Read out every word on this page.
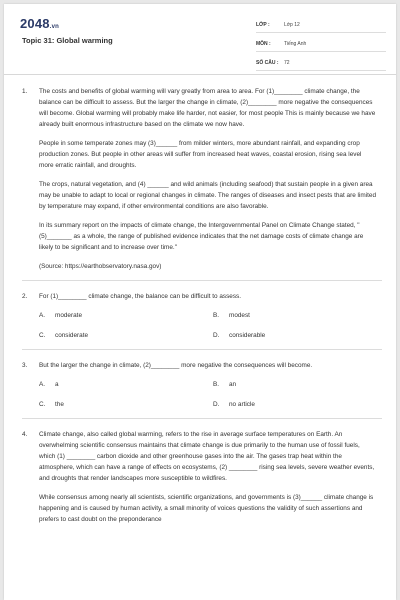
2048.vn
Topic 31: Global warming
LỚP :	Lớp 12
MÔN :	Tiếng Anh
SỐ CÂU :	72
1.	The costs and benefits of global warming will vary greatly from area to area. For (1)________ climate change, the balance can be difficult to assess. But the larger the change in climate, (2)________ more negative the consequences will become. Global warming will probably make life harder, not easier, for most people This is mainly because we have already built enormous infrastructure based on the climate we now have.

People in some temperate zones may (3)______ from milder winters, more abundant rainfall, and expanding crop production zones. But people in other areas will suffer from increased heat waves, coastal erosion, rising sea level more erratic rainfall, and droughts.

The crops, natural vegetation, and (4) ______ and wild animals (including seafood) that sustain people in a given area may be unable to adapt to local or regional changes in climate. The ranges of diseases and insect pests that are limited by temperature may expand, if other environmental conditions are also favorable.

In its summary report on the impacts of climate change, the Intergovernmental Panel on Climate Change stated, "(5)_______ as a whole, the range of published evidence indicates that the net damage costs of climate change are likely to be significant and to increase over time."

(Source: https://earthobservatory.nasa.gov)

2.	For (1)________ climate change, the balance can be difficult to assess.
A.	moderate	B.	modest
C.	considerate	D.	considerable
3.	But the larger the change in climate, (2)________ more negative the consequences will become.
A.	a	B.	an
C.	the	D.	no article
4.	Climate change, also called global warming, refers to the rise in average surface temperatures on Earth. An overwhelming scientific consensus maintains that climate change is due primarily to the human use of fossil fuels, which (1) ________ carbon dioxide and other greenhouse gases into the air. The gases trap heat within the atmosphere, which can have a range of effects on ecosystems, (2) ________ rising sea levels, severe weather events, and droughts that render landscapes more susceptible to wildfires.

While consensus among nearly all scientists, scientific organizations, and governments is (3)______ climate change is happening and is caused by human activity, a small minority of voices questions the validity of such assertions and prefers to cast doubt on the preponderance
